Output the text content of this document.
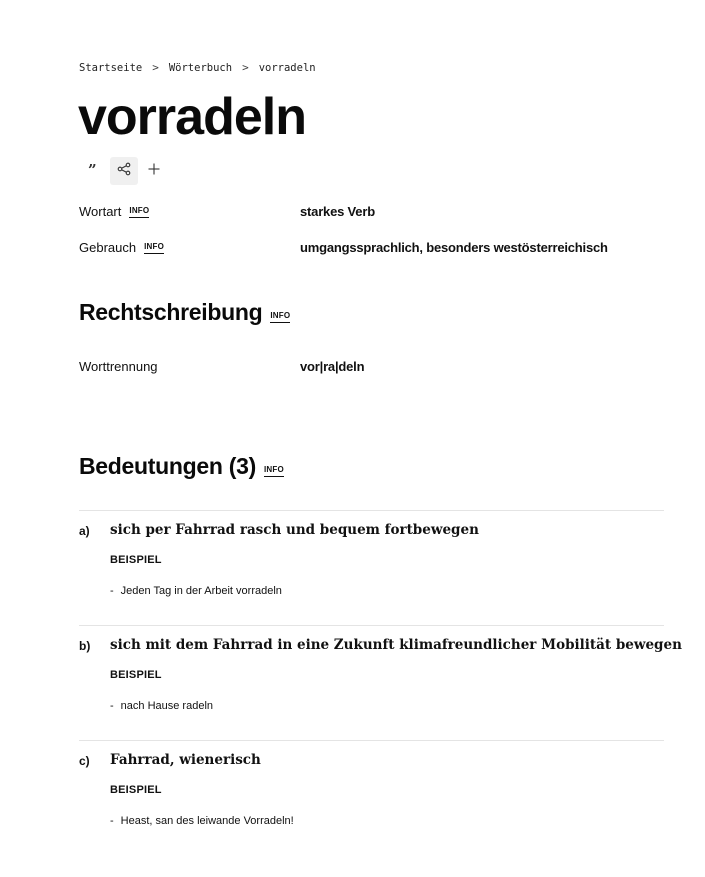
Startseite > Wörterbuch > vorradeln
vorradeln
”
Wortart INFO	starkes Verb
Gebrauch INFO	umgangssprachlich, besonders westösterreichisch
Rechtschreibung INFO
Worttrennung	vor|ra|deln
Bedeutungen (3) INFO
a) sich per Fahrrad rasch und bequem fortbewegen
BEISPIEL
- Jeden Tag in der Arbeit vorradeln
b) sich mit dem Fahrrad in eine Zukunft klimafreundlicher Mobilität bewegen
BEISPIEL
- nach Hause radeln
c) Fahrrad, wienerisch
BEISPIEL
- Heast, san des leiwande Vorradeln!
